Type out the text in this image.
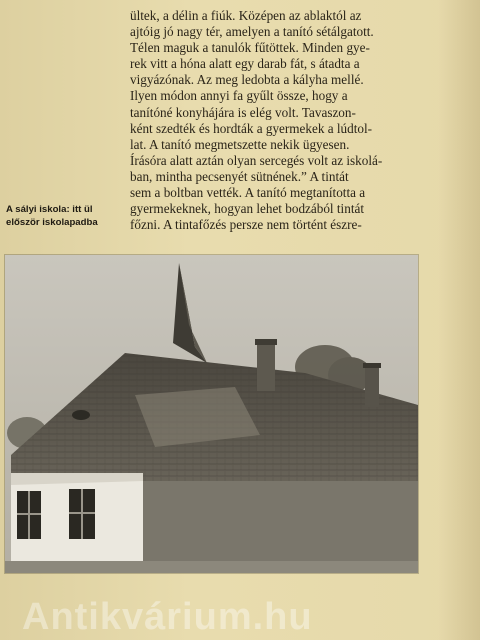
ültek, a délin a fiúk. Középen az ablaktól az
ajtóig jó nagy tér, amelyen a tanító sétálgatott.
Télen maguk a tanulók fűtöttek. Minden gye-
rek vitt a hóna alatt egy darab fát, s átadta a
vigyázónak. Az meg ledobta a kályha mellé.
Ilyen módon annyi fa gyűlt össze, hogy a
tanítóné konyhájára is elég volt. Tavaszon-
ként szedték és hordták a gyermekek a lúdtol-
lat. A tanító megmetszette nekik ügyesen.
Írásóra alatt aztán olyan sercegés volt az iskolá-
ban, mintha pecsenyét sütnének.” A tintát
sem a boltban vették. A tanító megtanította a
gyermekeknek, hogyan lehet bodzából tintát
főzni. A tintafőzés persze nem történt észre-
A sályi iskola: itt ül
először iskolapadba
Antikvárium.hu
